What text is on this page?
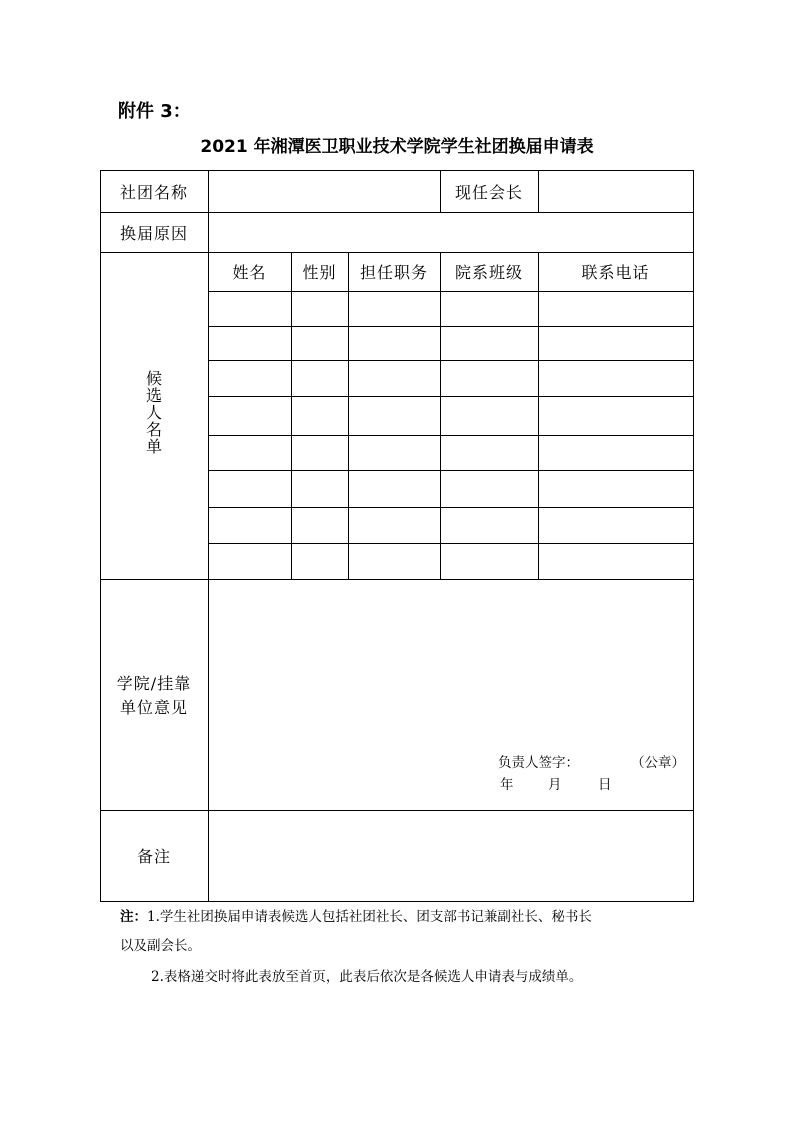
附件 3：
2021 年湘潭医卫职业技术学院学生社团换届申请表
社团名称	现任会长
换届原因
候
选
人
名
单
姓名	性别	担任职务	院系班级	联系电话
学院/挂靠
单位意见
负责人签字：	（公章）
年	月	日
备注
注：1.学生社团换届申请表候选人包括社团社长、团支部书记兼副社长、秘书长
以及副会长。
2.表格递交时将此表放至首页，此表后依次是各候选人申请表与成绩单。
